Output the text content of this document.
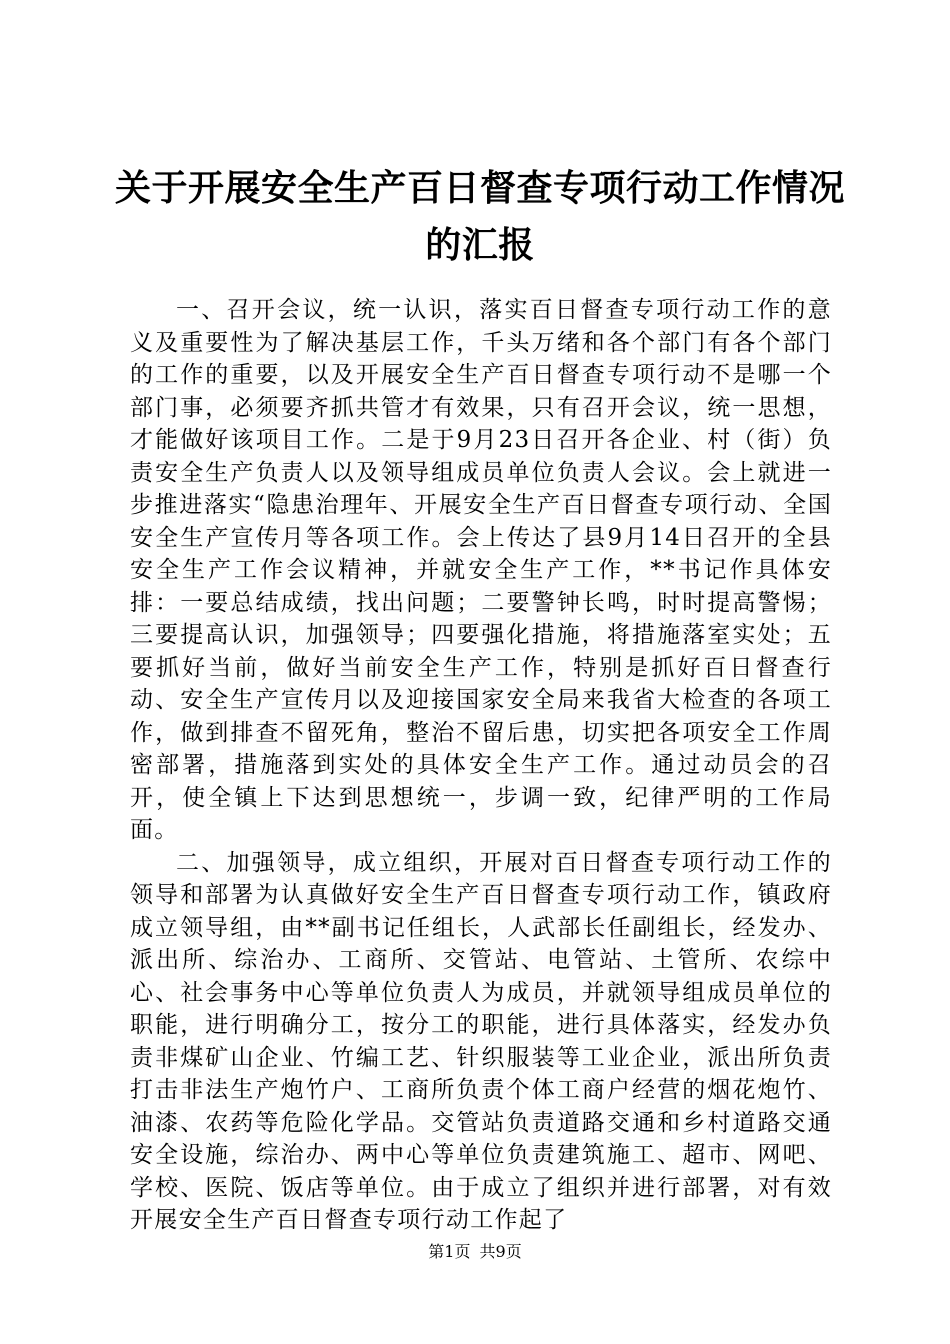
关于开展安全生产百日督查专项行动工作情况的汇报

一、召开会议，统一认识，落实百日督查专项行动工作的意义及重要性为了解决基层工作，千头万绪和各个部门有各个部门的工作的重要，以及开展安全生产百日督查专项行动不是哪一个部门事，必须要齐抓共管才有效果，只有召开会议，统一思想，才能做好该项目工作。二是于9月23日召开各企业、村（街）负责安全生产负责人以及领导组成员单位负责人会议。会上就进一步推进落实“隐患治理年、开展安全生产百日督查专项行动、全国安全生产宣传月等各项工作。会上传达了县9月14日召开的全县安全生产工作会议精神，并就安全生产工作，**书记作具体安排：一要总结成绩，找出问题；二要警钟长鸣，时时提高警惕；三要提高认识，加强领导；四要强化措施，将措施落室实处；五要抓好当前，做好当前安全生产工作，特别是抓好百日督查行动、安全生产宣传月以及迎接国家安全局来我省大检查的各项工作，做到排查不留死角，整治不留后患，切实把各项安全工作周密部署，措施落到实处的具体安全生产工作。通过动员会的召开，使全镇上下达到思想统一，步调一致，纪律严明的工作局面。

二、加强领导，成立组织，开展对百日督查专项行动工作的领导和部署为认真做好安全生产百日督查专项行动工作，镇政府成立领导组，由**副书记任组长，人武部长任副组长，经发办、派出所、综治办、工商所、交管站、电管站、土管所、农综中心、社会事务中心等单位负责人为成员，并就领导组成员单位的职能，进行明确分工，按分工的职能，进行具体落实，经发办负责非煤矿山企业、竹编工艺、针织服装等工业企业，派出所负责打击非法生产炮竹户、工商所负责个体工商户经营的烟花炮竹、油漆、农药等危险化学品。交管站负责道路交通和乡村道路交通安全设施，综治办、两中心等单位负责建筑施工、超市、网吧、学校、医院、饭店等单位。由于成立了组织并进行部署，对有效开展安全生产百日督查专项行动工作起了

第1页 共9页
